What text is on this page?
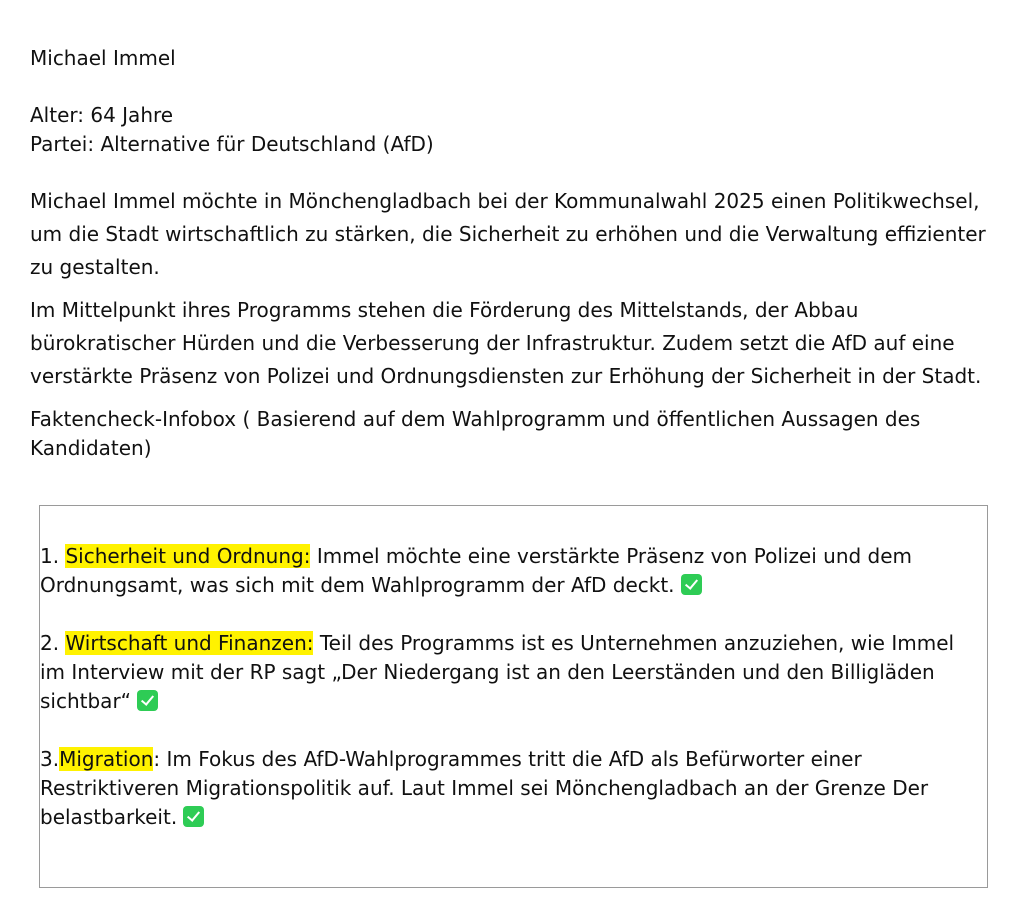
Michael Immel
Alter: 64 Jahre
Partei: Alternative für Deutschland (AfD)

Michael Immel möchte in Mönchengladbach bei der Kommunalwahl 2025 einen Politikwechsel, um die Stadt wirtschaftlich zu stärken, die Sicherheit zu erhöhen und die Verwaltung effizienter zu gestalten.

Im Mittelpunkt ihres Programms stehen die Förderung des Mittelstands, der Abbau bürokratischer Hürden und die Verbesserung der Infrastruktur. Zudem setzt die AfD auf eine verstärkte Präsenz von Polizei und Ordnungsdiensten zur Erhöhung der Sicherheit in der Stadt.

Faktencheck-Infobox ( Basierend auf dem Wahlprogramm und öffentlichen Aussagen des Kandidaten)
1. Sicherheit und Ordnung: Immel möchte eine verstärkte Präsenz von Polizei und dem Ordnungsamt, was sich mit dem Wahlprogramm der AfD deckt.
2. Wirtschaft und Finanzen: Teil des Programms ist es Unternehmen anzuziehen, wie Immel im Interview mit der RP sagt „Der Niedergang ist an den Leerständen und den Billigläden sichtbar“
3.Migration: Im Fokus des AfD-Wahlprogrammes tritt die AfD als Befürworter einer Restriktiveren Migrationspolitik auf. Laut Immel sei Mönchengladbach an der Grenze Der belastbarkeit.
